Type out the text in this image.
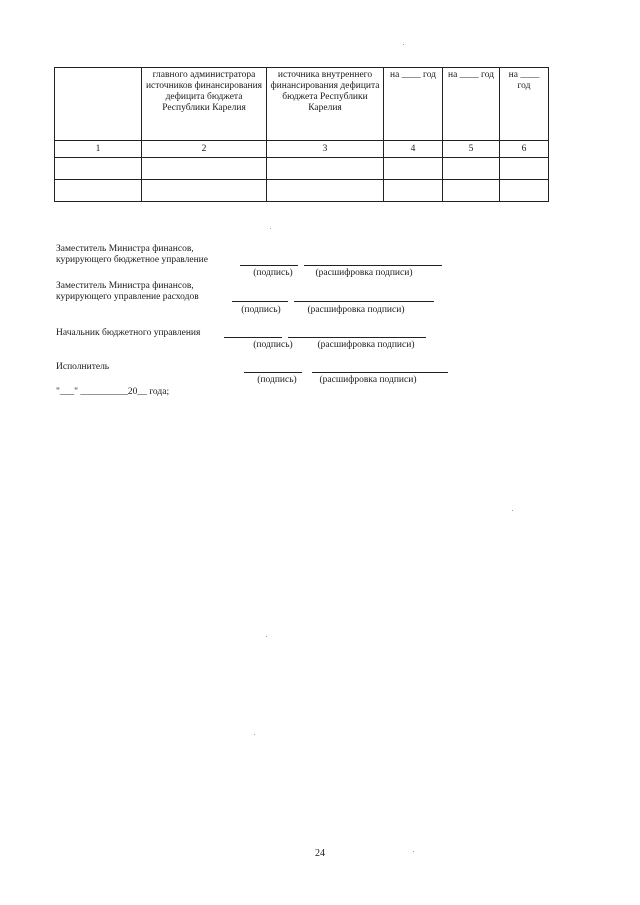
	главного администратора источников финансирования дефицита бюджета Республики Карелия	источника внутреннего финансирования дефицита бюджета Республики Карелия	на ____ год	на ____ год	на ____ год
1	2	3	4	5	6

Заместитель Министра финансов,
курирующего бюджетное управление
(подпись)	(расшифровка подписи)
Заместитель Министра финансов,
курирующего управление расходов
(подпись)	(расшифровка подписи)
Начальник бюджетного управления
(подпись)	(расшифровка подписи)
Исполнитель
(подпись)	(расшифровка подписи)
"___" __________20__ года;
24
